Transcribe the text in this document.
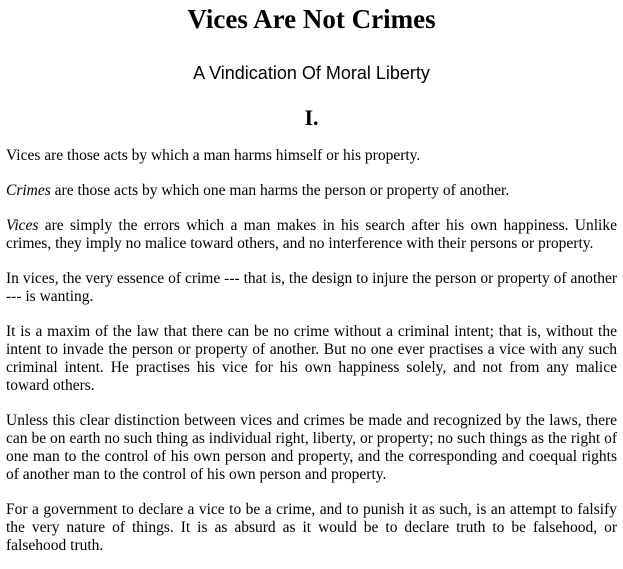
Vices Are Not Crimes
A Vindication Of Moral Liberty
I.

Vices are those acts by which a man harms himself or his property.

Crimes are those acts by which one man harms the person or property of another.

Vices are simply the errors which a man makes in his search after his own happiness. Unlike crimes, they imply no malice toward others, and no interference with their persons or property.

In vices, the very essence of crime --- that is, the design to injure the person or property of another --- is wanting.

It is a maxim of the law that there can be no crime without a criminal intent; that is, without the intent to invade the person or property of another. But no one ever practises a vice with any such criminal intent. He practises his vice for his own happiness solely, and not from any malice toward others.

Unless this clear distinction between vices and crimes be made and recognized by the laws, there can be on earth no such thing as individual right, liberty, or property; no such things as the right of one man to the control of his own person and property, and the corresponding and coequal rights of another man to the control of his own person and property.

For a government to declare a vice to be a crime, and to punish it as such, is an attempt to falsify the very nature of things. It is as absurd as it would be to declare truth to be falsehood, or falsehood truth.
